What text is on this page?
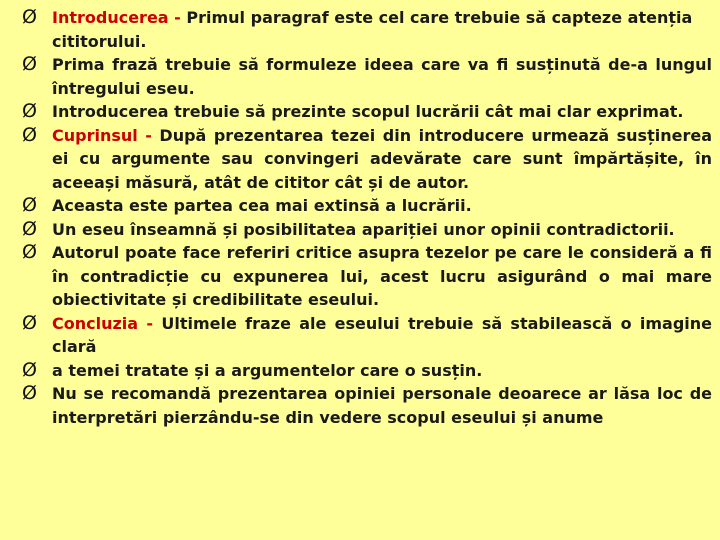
Ø Introducerea - Primul paragraf este cel care trebuie să capteze atenția
cititorului.
Ø Prima frază trebuie să formuleze ideea care va fi susținută de-a lungul întregului eseu.
Ø Introducerea trebuie să prezinte scopul lucrării cât mai clar exprimat.
Ø Cuprinsul - După prezentarea tezei din introducere urmează susținerea ei cu argumente sau convingeri adevărate care sunt împărtășite, în aceeași măsură, atât de cititor cât și de autor.
Ø Aceasta este partea cea mai extinsă a lucrării.
Ø Un eseu înseamnă și posibilitatea apariției unor opinii contradictorii.
Ø Autorul poate face referiri critice asupra tezelor pe care le consideră a fi în contradicție cu expunerea lui, acest lucru asigurând o mai mare obiectivitate și credibilitate eseului.
Ø Concluzia - Ultimele fraze ale eseului trebuie să stabilească o imagine clară
Ø a temei tratate și a argumentelor care o susțin.
Ø Nu se recomandă prezentarea opiniei personale deoarece ar lăsa loc de interpretări pierzându-se din vedere scopul eseului și anume
